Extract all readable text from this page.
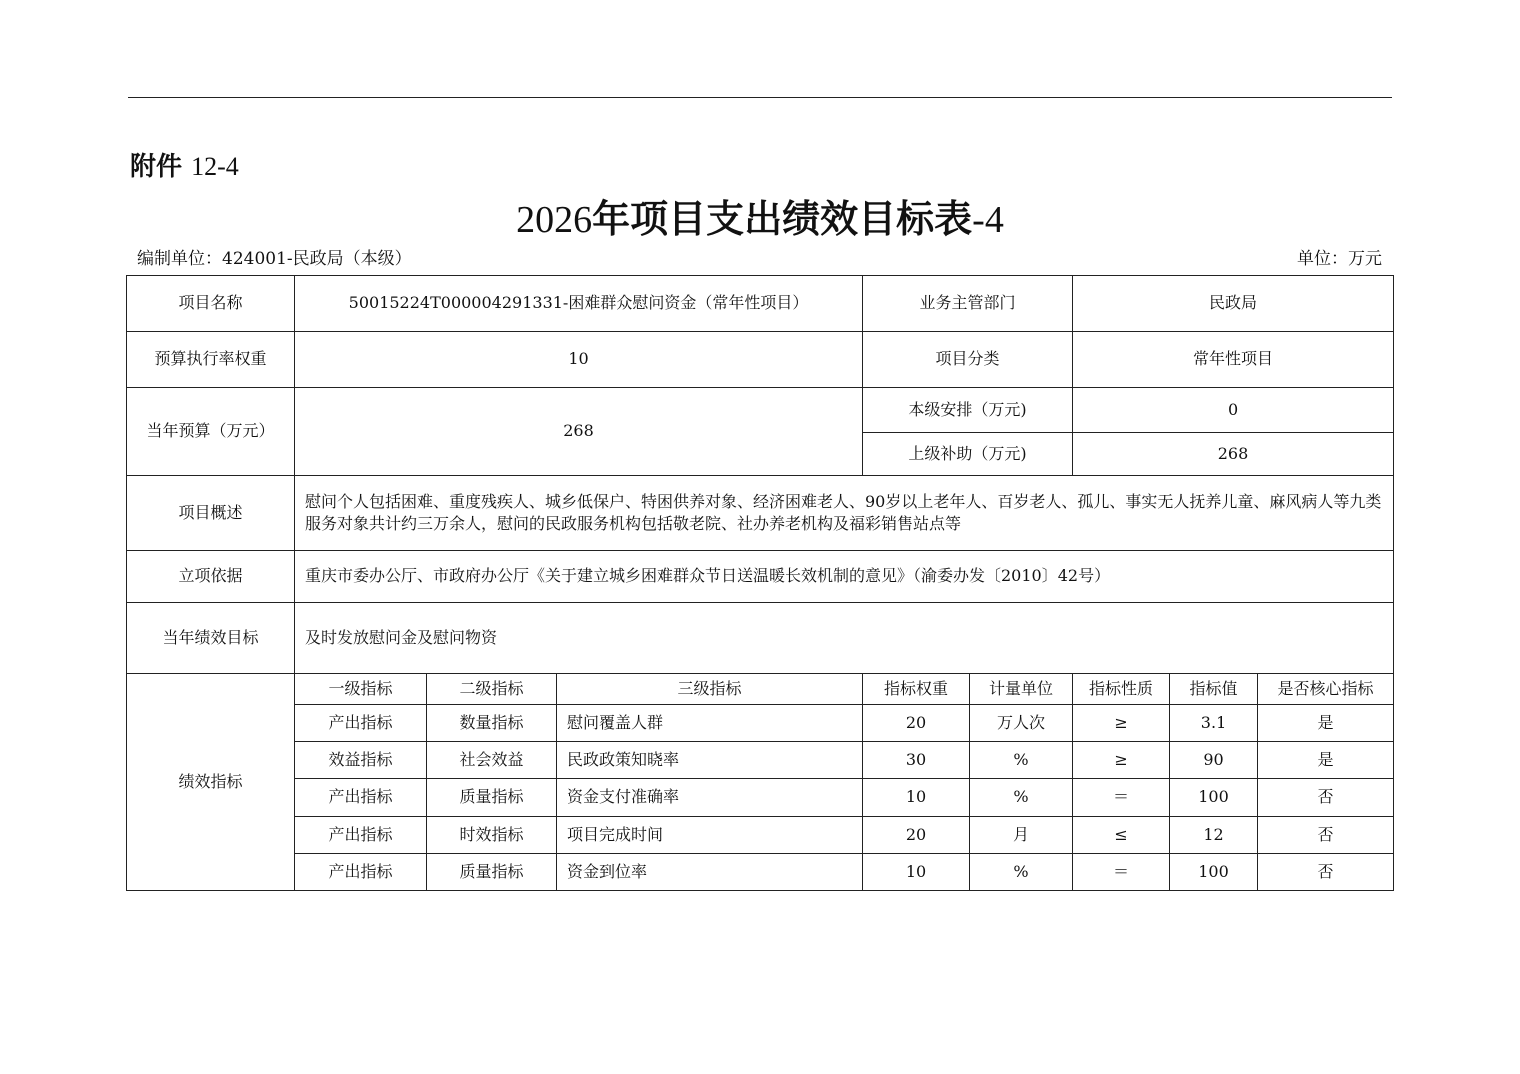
附件 12-4
2026年项目支出绩效目标表-4
编制单位：424001-民政局（本级）	单位：万元
项目名称	50015224T000004291331-困难群众慰问资金（常年性项目）			业务主管部门		民政局		
预算执行率权重	10			项目分类		常年性项目		
当年预算（万元）	268			本级安排（万元)		0		
				上级补助（万元)		268		
项目概述	慰问个人包括困难、重度残疾人、城乡低保户、特困供养对象、经济困难老人、90岁以上老年人、百岁老人、孤儿、事实无人抚养儿童、麻风病人等九类服务对象共计约三万余人，慰问的民政服务机构包括敬老院、社办养老机构及福彩销售站点等							
立项依据	重庆市委办公厅、市政府办公厅《关于建立城乡困难群众节日送温暖长效机制的意见》（渝委办发〔2010〕42号）							
当年绩效目标	及时发放慰问金及慰问物资							
绩效指标	一级指标	二级指标	三级指标	指标权重	计量单位	指标性质	指标值	是否核心指标
	产出指标	数量指标	慰问覆盖人群	20	万人次	≥	3.1	是
	效益指标	社会效益	民政政策知晓率	30	%	≥	90	是
	产出指标	质量指标	资金支付准确率	10	%	＝	100	否
	产出指标	时效指标	项目完成时间	20	月	≤	12	否
	产出指标	质量指标	资金到位率	10	%	＝	100	否
